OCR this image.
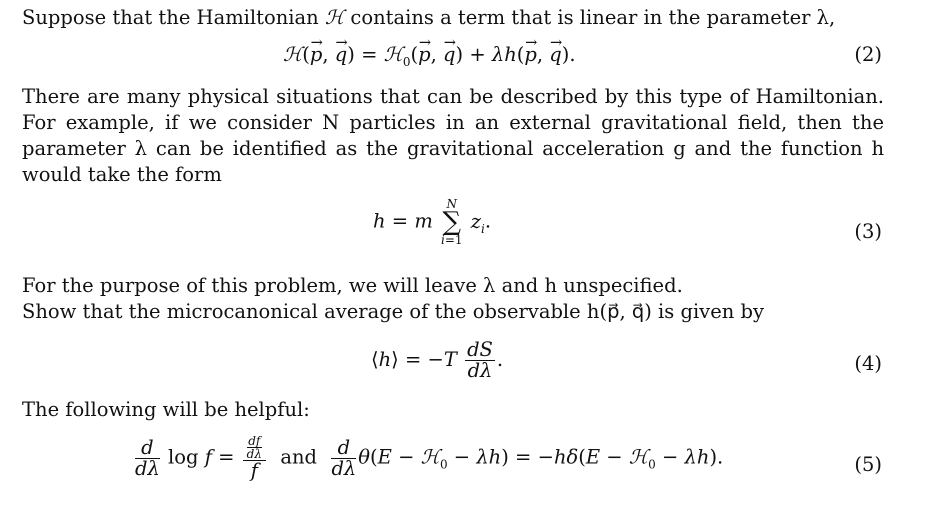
Suppose that the Hamiltonian ℋ contains a term that is linear in the parameter λ,
ℋ(→ p, → q) = ℋ$_0$(→ p, → q) + λh(→ p, → q).	(2)
There are many physical situations that can be described by this type of Hamiltonian. For example, if we consider N particles in an external gravitational field, then the parameter λ can be identified as the gravitational acceleration g and the function h would take the form
h = m
N
∑
i=1
$z_i$.	(3)
For the purpose of this problem, we will leave λ and h unspecified.
Show that the microcanonical average of the observable h(p⃗, q⃗) is given by
⟨h⟩ = $-T \frac{dS}{d\lambda}$ .	(4)
The following will be helpful:
$\frac{d}{d\lambda}$ $\log f = \frac{\frac{df}{d\lambda}}{f}$ and $\frac{d}{d\lambda} \theta(E$ − ℋ$_0$ − λh) = −hδ(E − ℋ$_0$ − λh).	(5)
